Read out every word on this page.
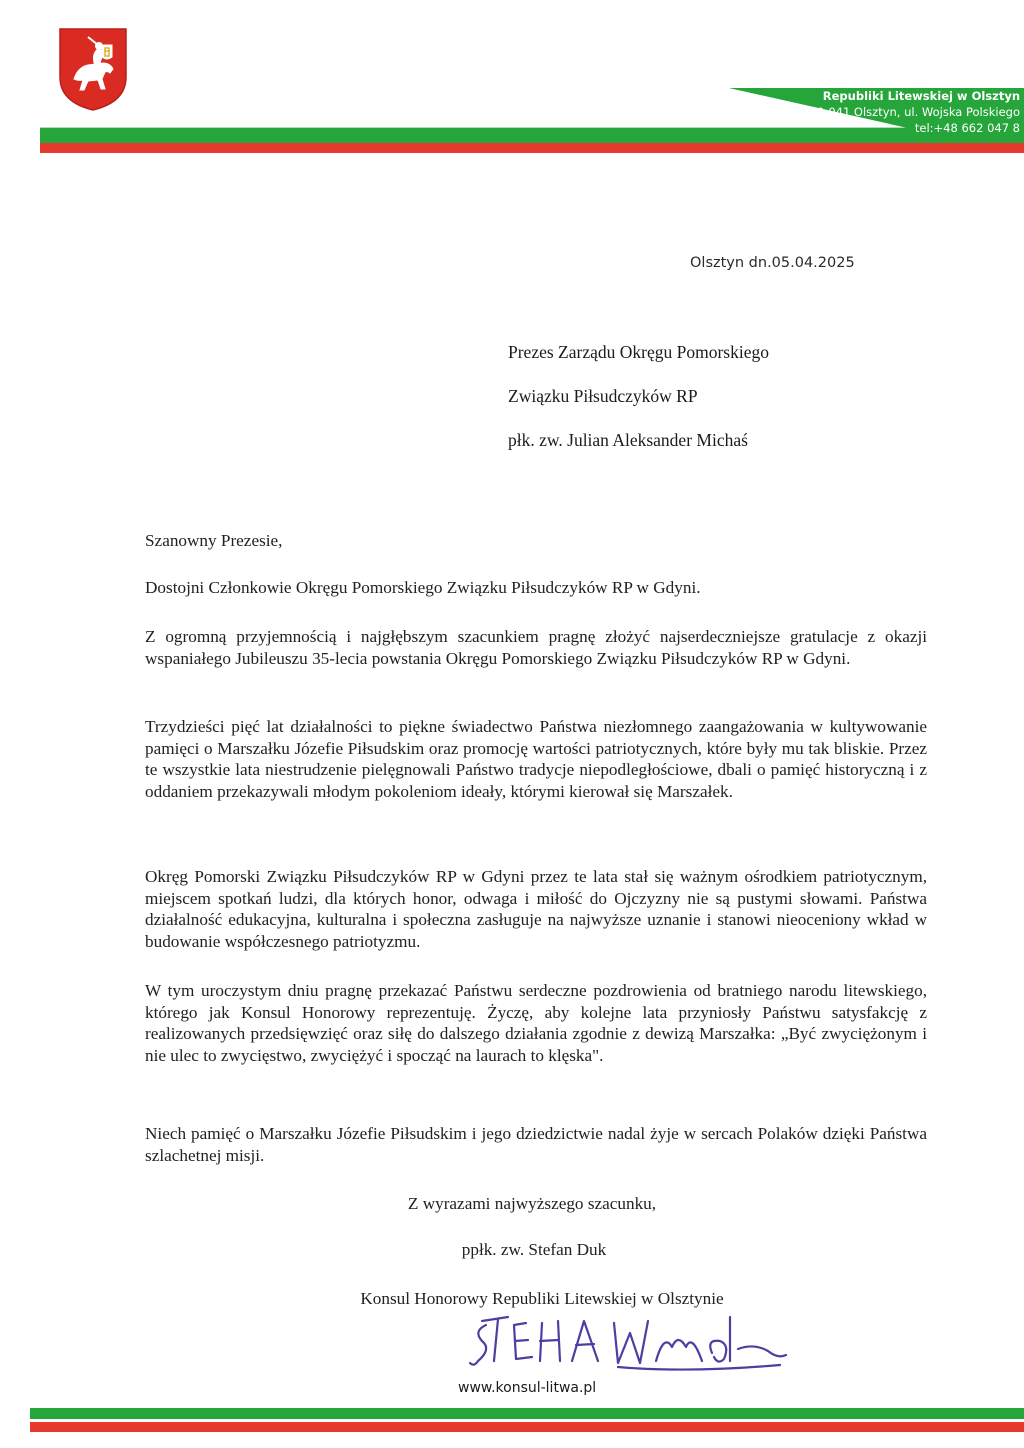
Stefan Duk Konsul Honorow
Republiki Litewskiej w Olsztyn
10-041 Olsztyn, ul. Wojska Polskiego
tel:+48 662 047 8
Olsztyn dn.05.04.2025
Prezes Zarządu Okręgu Pomorskiego
Związku Piłsudczyków RP
płk. zw. Julian Aleksander Michaś

Szanowny Prezesie,

Dostojni Członkowie Okręgu Pomorskiego Związku Piłsudczyków RP w Gdyni.

Z ogromną przyjemnością i najgłębszym szacunkiem pragnę złożyć najserdeczniejsze gratulacje z okazji wspaniałego Jubileuszu 35-lecia powstania Okręgu Pomorskiego Związku Piłsudczyków RP w Gdyni.

Trzydzieści pięć lat działalności to piękne świadectwo Państwa niezłomnego zaangażowania w kultywowanie pamięci o Marszałku Józefie Piłsudskim oraz promocję wartości patriotycznych, które były mu tak bliskie. Przez te wszystkie lata niestrudzenie pielęgnowali Państwo tradycje niepodległościowe, dbali o pamięć historyczną i z oddaniem przekazywali młodym pokoleniom ideały, którymi kierował się Marszałek.

Okręg Pomorski Związku Piłsudczyków RP w Gdyni przez te lata stał się ważnym ośrodkiem patriotycznym, miejscem spotkań ludzi, dla których honor, odwaga i miłość do Ojczyzny nie są pustymi słowami. Państwa działalność edukacyjna, kulturalna i społeczna zasługuje na najwyższe uznanie i stanowi nieoceniony wkład w budowanie współczesnego patriotyzmu.

W tym uroczystym dniu pragnę przekazać Państwu serdeczne pozdrowienia od bratniego narodu litewskiego, którego jak Konsul Honorowy reprezentuję. Życzę, aby kolejne lata przyniosły Państwu satysfakcję z realizowanych przedsięwzięć oraz siłę do dalszego działania zgodnie z dewizą Marszałka: „Być zwyciężonym i nie ulec to zwycięstwo, zwyciężyć i spocząć na laurach to klęska".

Niech pamięć o Marszałku Józefie Piłsudskim i jego dziedzictwie nadal żyje w sercach Polaków dzięki Państwa szlachetnej misji.

Z wyrazami najwyższego szacunku,
ppłk. zw. Stefan Duk
Konsul Honorowy Republiki Litewskiej w Olsztynie
www.konsul-litwa.pl
